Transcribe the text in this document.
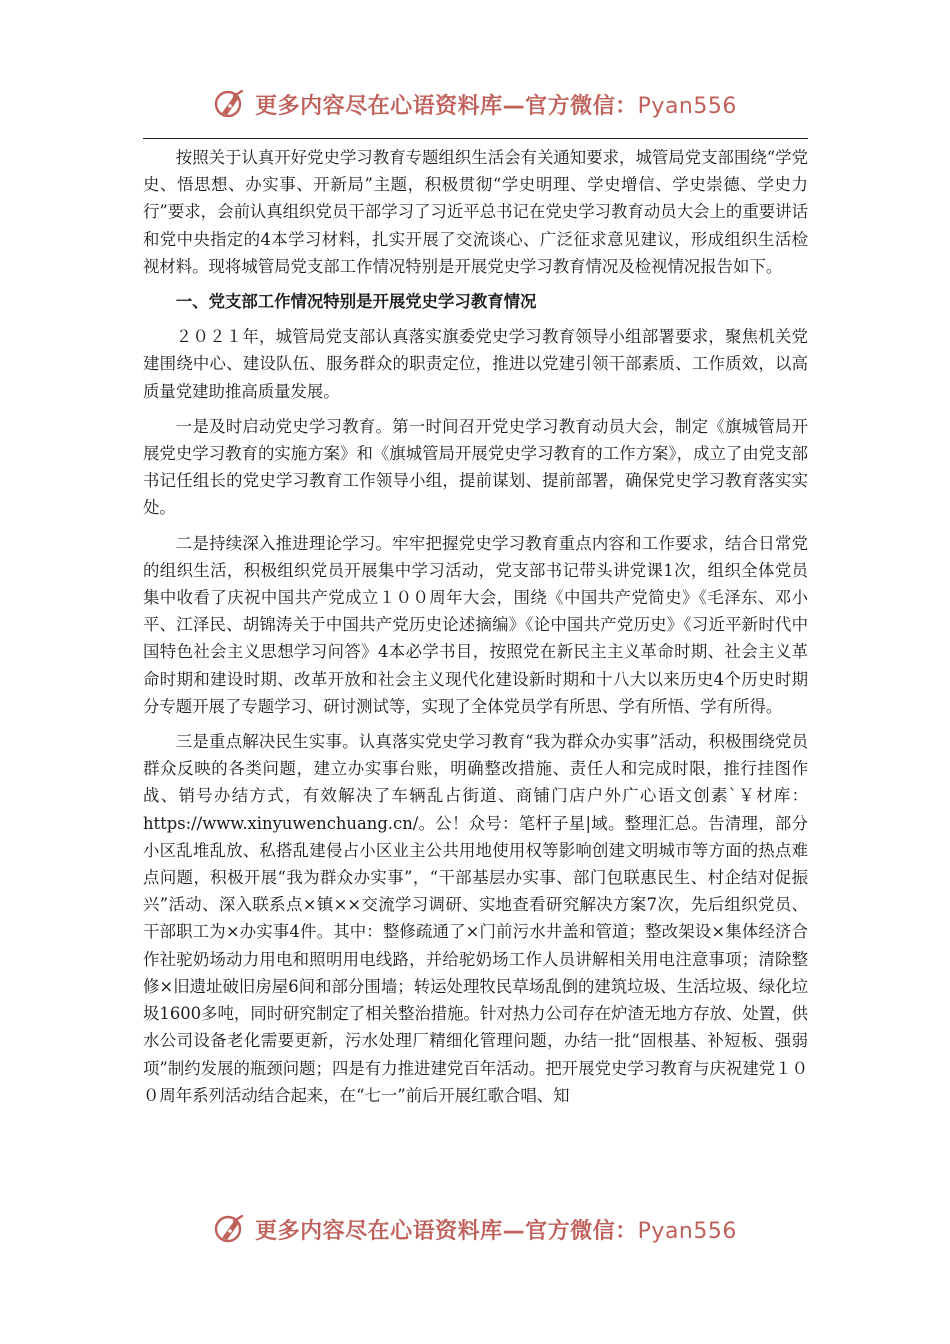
更多内容尽在心语资料库—官方微信：Pyan556

按照关于认真开好党史学习教育专题组织生活会有关通知要求，城管局党支部围绕“学党史、悟思想、办实事、开新局”主题，积极贯彻“学史明理、学史增信、学史崇德、学史力行”要求，会前认真组织党员干部学习了习近平总书记在党史学习教育动员大会上的重要讲话和党中央指定的4本学习材料，扎实开展了交流谈心、广泛征求意见建议，形成组织生活检视材料。现将城管局党支部工作情况特别是开展党史学习教育情况及检视情况报告如下。

一、党支部工作情况特别是开展党史学习教育情况

２０２１年，城管局党支部认真落实旗委党史学习教育领导小组部署要求，聚焦机关党建围绕中心、建设队伍、服务群众的职责定位，推进以党建引领干部素质、工作质效，以高质量党建助推高质量发展。

一是及时启动党史学习教育。第一时间召开党史学习教育动员大会，制定《旗城管局开展党史学习教育的实施方案》和《旗城管局开展党史学习教育的工作方案》，成立了由党支部书记任组长的党史学习教育工作领导小组，提前谋划、提前部署，确保党史学习教育落实实处。

二是持续深入推进理论学习。牢牢把握党史学习教育重点内容和工作要求，结合日常党的组织生活，积极组织党员开展集中学习活动，党支部书记带头讲党课1次，组织全体党员集中收看了庆祝中国共产党成立１００周年大会，围绕《中国共产党简史》《毛泽东、邓小平、江泽民、胡锦涛关于中国共产党历史论述摘编》《论中国共产党历史》《习近平新时代中国特色社会主义思想学习问答》4本必学书目，按照党在新民主主义革命时期、社会主义革命时期和建设时期、改革开放和社会主义现代化建设新时期和十八大以来历史4个历史时期分专题开展了专题学习、研讨测试等，实现了全体党员学有所思、学有所悟、学有所得。

三是重点解决民生实事。认真落实党史学习教育“我为群众办实事”活动，积极围绕党员群众反映的各类问题，建立办实事台账，明确整改措施、责任人和完成时限，推行挂图作战、销号办结方式，有效解决了车辆乱占街道、商铺门店户外广心语文创素`￥材库：https://www.xinyuwenchuang.cn/。公！众号：笔杆子星|域。整理汇总。告清理，部分小区乱堆乱放、私搭乱建侵占小区业主公共用地使用权等影响创建文明城市等方面的热点难点问题，积极开展“我为群众办实事”，“干部基层办实事、部门包联惠民生、村企结对促振兴”活动、深入联系点×镇××交流学习调研、实地查看研究解决方案7次，先后组织党员、干部职工为×办实事4件。其中：整修疏通了×门前污水井盖和管道；整改架设×集体经济合作社驼奶场动力用电和照明用电线路，并给驼奶场工作人员讲解相关用电注意事项；清除整修×旧遗址破旧房屋6间和部分围墙；转运处理牧民草场乱倒的建筑垃圾、生活垃圾、绿化垃圾1600多吨，同时研究制定了相关整治措施。针对热力公司存在炉渣无地方存放、处置，供水公司设备老化需要更新，污水处理厂精细化管理问题，办结一批“固根基、补短板、强弱项”制约发展的瓶颈问题；四是有力推进建党百年活动。把开展党史学习教育与庆祝建党１００周年系列活动结合起来，在“七一”前后开展红歌合唱、知

更多内容尽在心语资料库—官方微信：Pyan556
